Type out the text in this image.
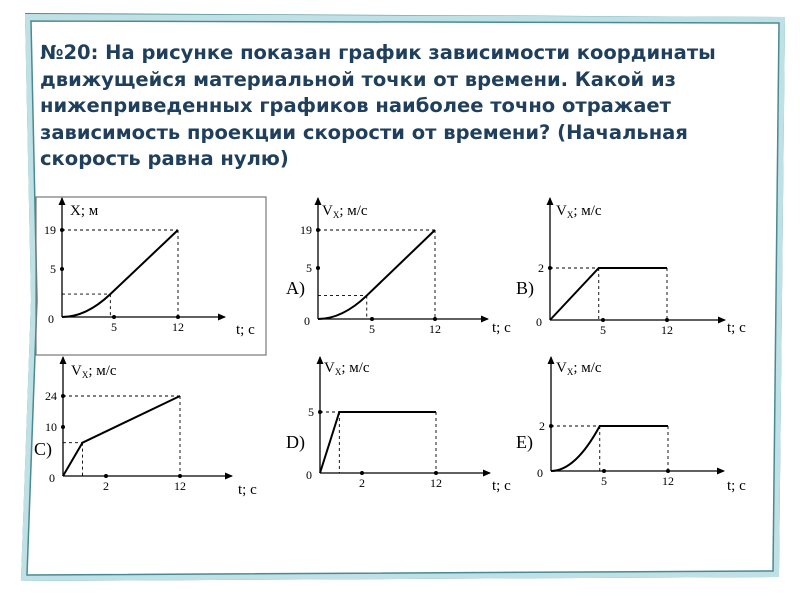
№20: На рисунке показан график зависимости координаты движущейся материальной точки от времени. Какой из нижеприведенных графиков наиболее точно отражает зависимость проекции скорости от времени? (Начальная скорость равна нулю)

5	12
5
19
0
X; м
t; с	5	12
5
19
0
$V_X$; м/с
t; с
A)
5	12
2
0
$V_X$; м/с
t; с
B)
2	12
10
24
0
$V_X$; м/с
t; с
C)
2	12
5
0
$V_X$; м/с
t; с
D)
5	12
2
0
$V_X$; м/с
t; с
E)
